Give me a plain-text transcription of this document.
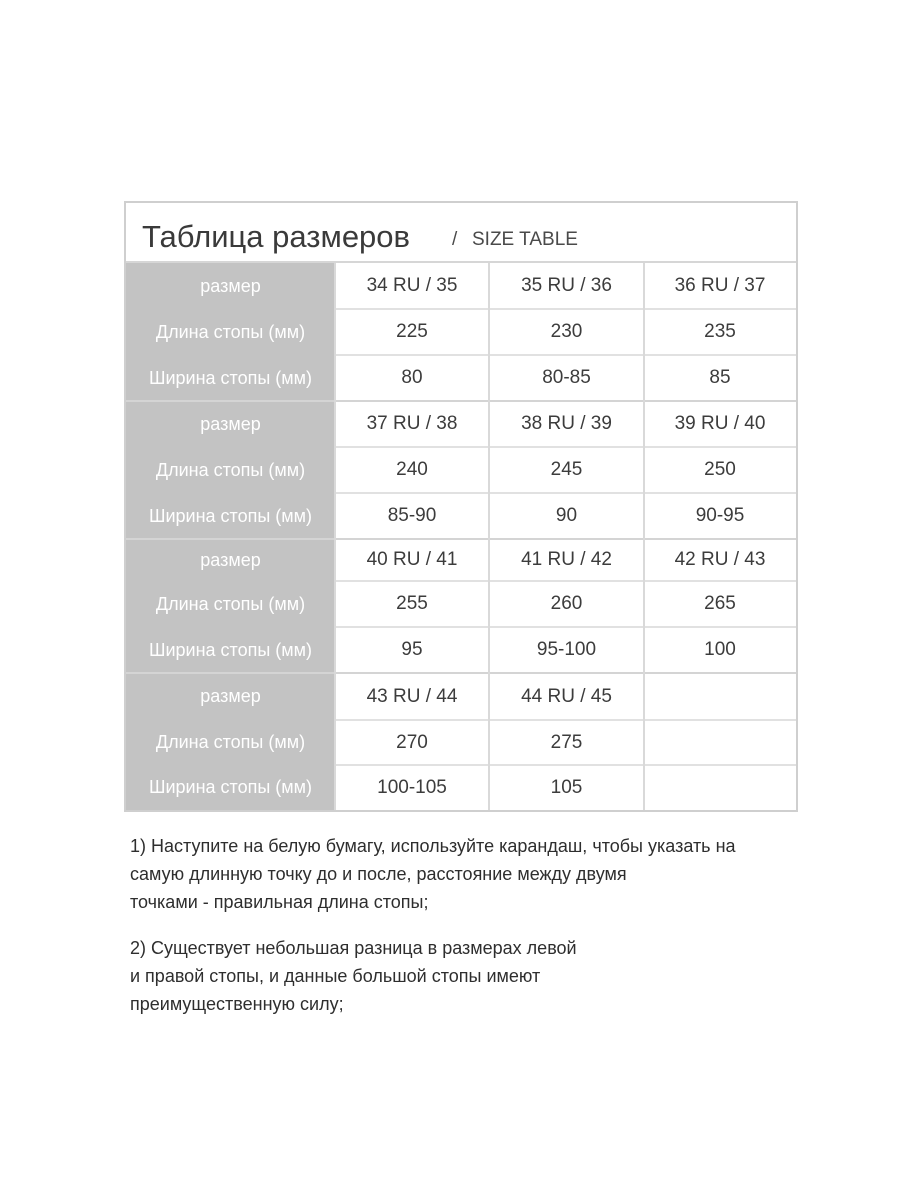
Таблица размеров / SIZE TABLE
размер	34 RU / 35	35 RU / 36	36 RU / 37
Длина стопы (мм)	225	230	235
Ширина стопы (мм)	80	80-85	85
размер	37 RU / 38	38 RU / 39	39 RU / 40
Длина стопы (мм)	240	245	250
Ширина стопы (мм)	85-90	90	90-95
размер	40 RU / 41	41 RU / 42	42 RU / 43
Длина стопы (мм)	255	260	265
Ширина стопы (мм)	95	95-100	100
размер	43 RU / 44	44 RU / 45
Длина стопы (мм)	270	275
Ширина стопы (мм)	100-105	105
1) Наступите на белую бумагу, используйте карандаш, чтобы указать на
самую длинную точку до и после, расстояние между двумя
точками - правильная длина стопы;
2) Существует небольшая разница в размерах левой
и правой стопы, и данные большой стопы имеют
преимущественную силу;
